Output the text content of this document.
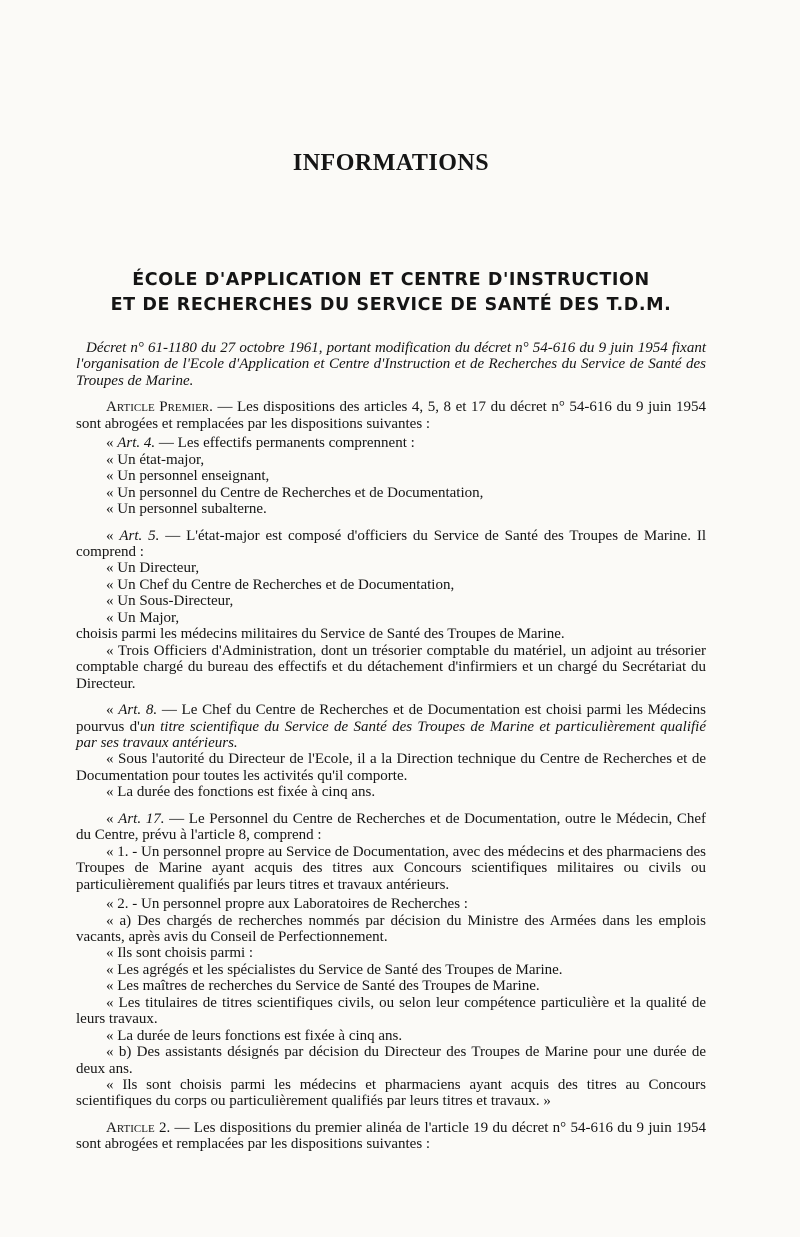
INFORMATIONS
ÉCOLE D'APPLICATION ET CENTRE D'INSTRUCTION
ET DE RECHERCHES DU SERVICE DE SANTÉ DES T.D.M.

Décret n° 61-1180 du 27 octobre 1961, portant modification du décret n° 54-616 du 9 juin 1954 fixant l'organisation de l'Ecole d'Application et Centre d'Instruction et de Recherches du Service de Santé des Troupes de Marine.

Article Premier. — Les dispositions des articles 4, 5, 8 et 17 du décret n° 54-616 du 9 juin 1954 sont abrogées et remplacées par les dispositions suivantes :

« Art. 4. — Les effectifs permanents comprennent :

« Un état-major,

« Un personnel enseignant,

« Un personnel du Centre de Recherches et de Documentation,

« Un personnel subalterne.

« Art. 5. — L'état-major est composé d'officiers du Service de Santé des Troupes de Marine. Il comprend :

« Un Directeur,

« Un Chef du Centre de Recherches et de Documentation,

« Un Sous-Directeur,

« Un Major,

choisis parmi les médecins militaires du Service de Santé des Troupes de Marine.

« Trois Officiers d'Administration, dont un trésorier comptable du matériel, un adjoint au trésorier comptable chargé du bureau des effectifs et du détachement d'infirmiers et un chargé du Secrétariat du Directeur.

« Art. 8. — Le Chef du Centre de Recherches et de Documentation est choisi parmi les Médecins pourvus d'un titre scientifique du Service de Santé des Troupes de Marine et particulièrement qualifié par ses travaux antérieurs.

« Sous l'autorité du Directeur de l'Ecole, il a la Direction technique du Centre de Recherches et de Documentation pour toutes les activités qu'il comporte.

« La durée des fonctions est fixée à cinq ans.

« Art. 17. — Le Personnel du Centre de Recherches et de Documentation, outre le Médecin, Chef du Centre, prévu à l'article 8, comprend :

« 1. - Un personnel propre au Service de Documentation, avec des médecins et des pharmaciens des Troupes de Marine ayant acquis des titres aux Concours scientifiques militaires ou civils ou particulièrement qualifiés par leurs titres et travaux antérieurs.

« 2. - Un personnel propre aux Laboratoires de Recherches :

« a) Des chargés de recherches nommés par décision du Ministre des Armées dans les emplois vacants, après avis du Conseil de Perfectionnement.

« Ils sont choisis parmi :

« Les agrégés et les spécialistes du Service de Santé des Troupes de Marine.

« Les maîtres de recherches du Service de Santé des Troupes de Marine.

« Les titulaires de titres scientifiques civils, ou selon leur compétence particulière et la qualité de leurs travaux.

« La durée de leurs fonctions est fixée à cinq ans.

« b) Des assistants désignés par décision du Directeur des Troupes de Marine pour une durée de deux ans.

« Ils sont choisis parmi les médecins et pharmaciens ayant acquis des titres au Concours scientifiques du corps ou particulièrement qualifiés par leurs titres et travaux. »

Article 2. — Les dispositions du premier alinéa de l'article 19 du décret n° 54-616 du 9 juin 1954 sont abrogées et remplacées par les dispositions suivantes :
